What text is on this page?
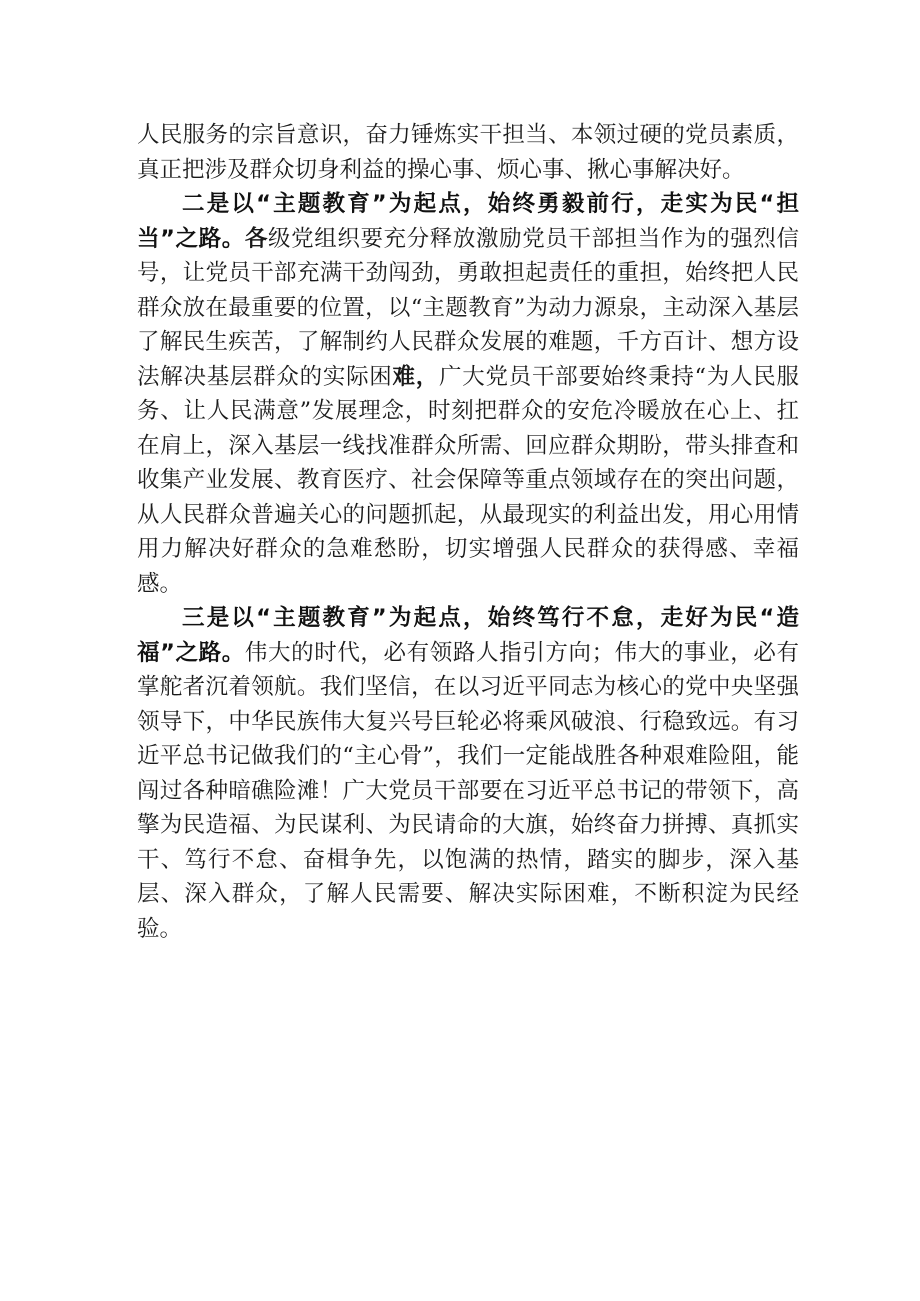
人民服务的宗旨意识，奋力锤炼实干担当、本领过硬的党员素质，真正把涉及群众切身利益的操心事、烦心事、揪心事解决好。

二是以“主题教育”为起点，始终勇毅前行，走实为民“担当”之路。各级党组织要充分释放激励党员干部担当作为的强烈信号，让党员干部充满干劲闯劲，勇敢担起责任的重担，始终把人民群众放在最重要的位置，以“主题教育”为动力源泉，主动深入基层了解民生疾苦，了解制约人民群众发展的难题，千方百计、想方设法解决基层群众的实际困难，广大党员干部要始终秉持“为人民服务、让人民满意”发展理念，时刻把群众的安危冷暖放在心上、扛在肩上，深入基层一线找准群众所需、回应群众期盼，带头排查和收集产业发展、教育医疗、社会保障等重点领域存在的突出问题，从人民群众普遍关心的问题抓起，从最现实的利益出发，用心用情用力解决好群众的急难愁盼，切实增强人民群众的获得感、幸福感。

三是以“主题教育”为起点，始终笃行不怠，走好为民“造福”之路。伟大的时代，必有领路人指引方向；伟大的事业，必有掌舵者沉着领航。我们坚信，在以习近平同志为核心的党中央坚强领导下，中华民族伟大复兴号巨轮必将乘风破浪、行稳致远。有习近平总书记做我们的“主心骨”，我们一定能战胜各种艰难险阻，能闯过各种暗礁险滩！广大党员干部要在习近平总书记的带领下，高擎为民造福、为民谋利、为民请命的大旗，始终奋力拼搏、真抓实干、笃行不怠、奋楫争先，以饱满的热情，踏实的脚步，深入基层、深入群众，了解人民需要、解决实际困难，不断积淀为民经验。
